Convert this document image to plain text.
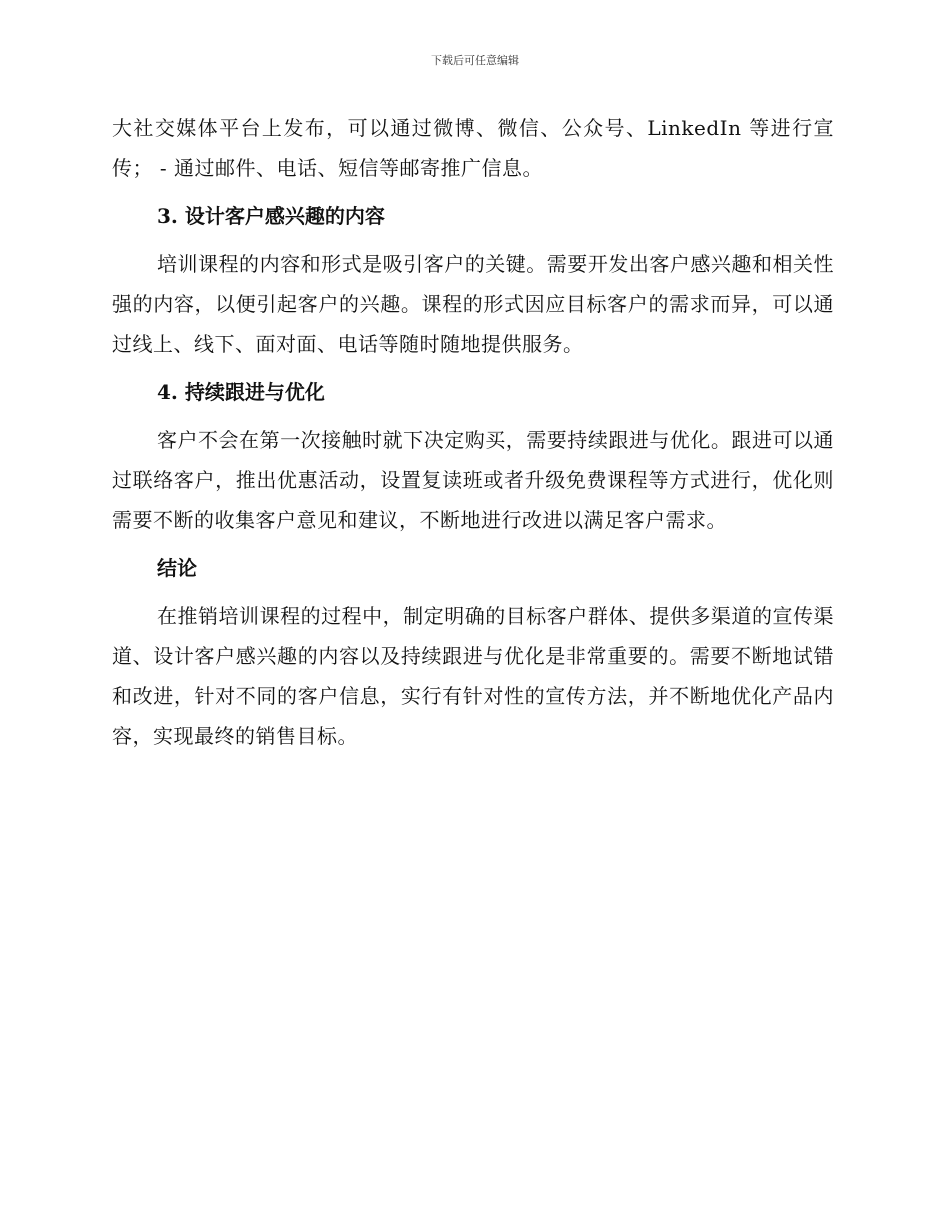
下载后可任意编辑

大社交媒体平台上发布，可以通过微博、微信、公众号、LinkedIn 等进行宣传； - 通过邮件、电话、短信等邮寄推广信息。

3. 设计客户感兴趣的内容

培训课程的内容和形式是吸引客户的关键。需要开发出客户感兴趣和相关性强的内容，以便引起客户的兴趣。课程的形式因应目标客户的需求而异，可以通过线上、线下、面对面、电话等随时随地提供服务。

4. 持续跟进与优化

客户不会在第一次接触时就下决定购买，需要持续跟进与优化。跟进可以通过联络客户，推出优惠活动，设置复读班或者升级免费课程等方式进行，优化则需要不断的收集客户意见和建议，不断地进行改进以满足客户需求。

结论

在推销培训课程的过程中，制定明确的目标客户群体、提供多渠道的宣传渠道、设计客户感兴趣的内容以及持续跟进与优化是非常重要的。需要不断地试错和改进，针对不同的客户信息，实行有针对性的宣传方法，并不断地优化产品内容，实现最终的销售目标。
